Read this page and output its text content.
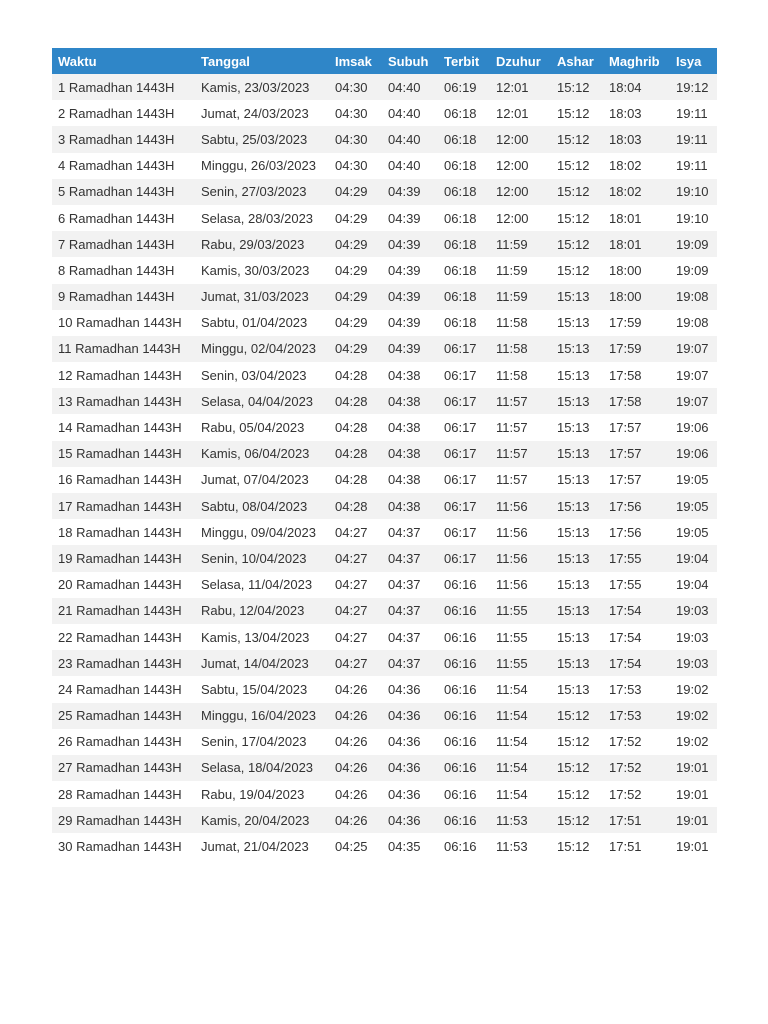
Waktu	Tanggal	Imsak	Subuh	Terbit	Dzuhur	Ashar	Maghrib	Isya
1 Ramadhan 1443H	Kamis, 23/03/2023	04:30	04:40	06:19	12:01	15:12	18:04	19:12
2 Ramadhan 1443H	Jumat, 24/03/2023	04:30	04:40	06:18	12:01	15:12	18:03	19:11
3 Ramadhan 1443H	Sabtu, 25/03/2023	04:30	04:40	06:18	12:00	15:12	18:03	19:11
4 Ramadhan 1443H	Minggu, 26/03/2023	04:30	04:40	06:18	12:00	15:12	18:02	19:11
5 Ramadhan 1443H	Senin, 27/03/2023	04:29	04:39	06:18	12:00	15:12	18:02	19:10
6 Ramadhan 1443H	Selasa, 28/03/2023	04:29	04:39	06:18	12:00	15:12	18:01	19:10
7 Ramadhan 1443H	Rabu, 29/03/2023	04:29	04:39	06:18	11:59	15:12	18:01	19:09
8 Ramadhan 1443H	Kamis, 30/03/2023	04:29	04:39	06:18	11:59	15:12	18:00	19:09
9 Ramadhan 1443H	Jumat, 31/03/2023	04:29	04:39	06:18	11:59	15:13	18:00	19:08
10 Ramadhan 1443H	Sabtu, 01/04/2023	04:29	04:39	06:18	11:58	15:13	17:59	19:08
11 Ramadhan 1443H	Minggu, 02/04/2023	04:29	04:39	06:17	11:58	15:13	17:59	19:07
12 Ramadhan 1443H	Senin, 03/04/2023	04:28	04:38	06:17	11:58	15:13	17:58	19:07
13 Ramadhan 1443H	Selasa, 04/04/2023	04:28	04:38	06:17	11:57	15:13	17:58	19:07
14 Ramadhan 1443H	Rabu, 05/04/2023	04:28	04:38	06:17	11:57	15:13	17:57	19:06
15 Ramadhan 1443H	Kamis, 06/04/2023	04:28	04:38	06:17	11:57	15:13	17:57	19:06
16 Ramadhan 1443H	Jumat, 07/04/2023	04:28	04:38	06:17	11:57	15:13	17:57	19:05
17 Ramadhan 1443H	Sabtu, 08/04/2023	04:28	04:38	06:17	11:56	15:13	17:56	19:05
18 Ramadhan 1443H	Minggu, 09/04/2023	04:27	04:37	06:17	11:56	15:13	17:56	19:05
19 Ramadhan 1443H	Senin, 10/04/2023	04:27	04:37	06:17	11:56	15:13	17:55	19:04
20 Ramadhan 1443H	Selasa, 11/04/2023	04:27	04:37	06:16	11:56	15:13	17:55	19:04
21 Ramadhan 1443H	Rabu, 12/04/2023	04:27	04:37	06:16	11:55	15:13	17:54	19:03
22 Ramadhan 1443H	Kamis, 13/04/2023	04:27	04:37	06:16	11:55	15:13	17:54	19:03
23 Ramadhan 1443H	Jumat, 14/04/2023	04:27	04:37	06:16	11:55	15:13	17:54	19:03
24 Ramadhan 1443H	Sabtu, 15/04/2023	04:26	04:36	06:16	11:54	15:13	17:53	19:02
25 Ramadhan 1443H	Minggu, 16/04/2023	04:26	04:36	06:16	11:54	15:12	17:53	19:02
26 Ramadhan 1443H	Senin, 17/04/2023	04:26	04:36	06:16	11:54	15:12	17:52	19:02
27 Ramadhan 1443H	Selasa, 18/04/2023	04:26	04:36	06:16	11:54	15:12	17:52	19:01
28 Ramadhan 1443H	Rabu, 19/04/2023	04:26	04:36	06:16	11:54	15:12	17:52	19:01
29 Ramadhan 1443H	Kamis, 20/04/2023	04:26	04:36	06:16	11:53	15:12	17:51	19:01
30 Ramadhan 1443H	Jumat, 21/04/2023	04:25	04:35	06:16	11:53	15:12	17:51	19:01
